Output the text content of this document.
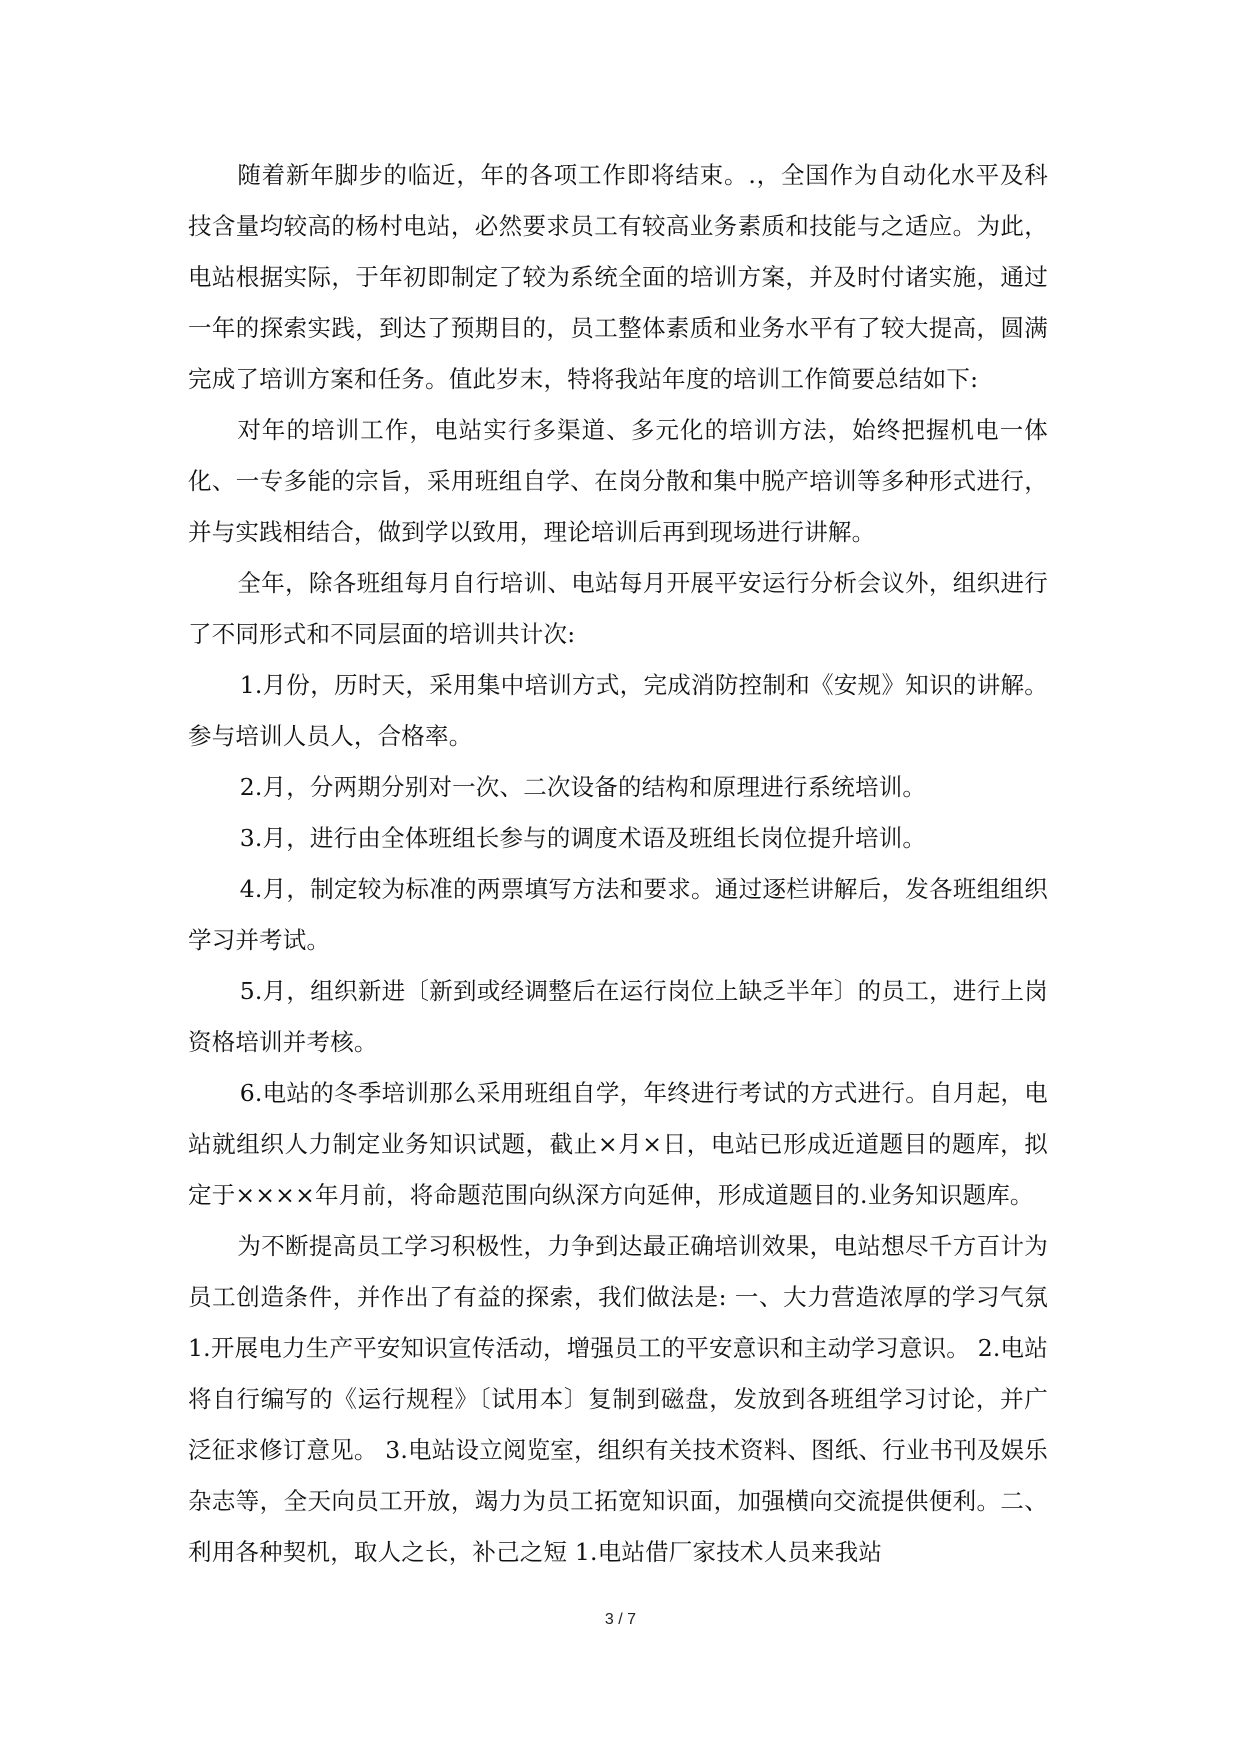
随着新年脚步的临近，年的各项工作即将结束。.，全国作为自动化水平及科技含量均较高的杨村电站，必然要求员工有较高业务素质和技能与之适应。为此，电站根据实际，于年初即制定了较为系统全面的培训方案，并及时付诸实施，通过一年的探索实践，到达了预期目的，员工整体素质和业务水平有了较大提高，圆满完成了培训方案和任务。值此岁末，特将我站年度的培训工作简要总结如下:

对年的培训工作，电站实行多渠道、多元化的培训方法，始终把握机电一体化、一专多能的宗旨，采用班组自学、在岗分散和集中脱产培训等多种形式进行，并与实践相结合，做到学以致用，理论培训后再到现场进行讲解。

全年，除各班组每月自行培训、电站每月开展平安运行分析会议外，组织进行了不同形式和不同层面的培训共计次:

1.月份，历时天，采用集中培训方式，完成消防控制和《安规》知识的讲解。参与培训人员人，合格率。

2.月，分两期分别对一次、二次设备的结构和原理进行系统培训。

3.月，进行由全体班组长参与的调度术语及班组长岗位提升培训。

4.月，制定较为标准的两票填写方法和要求。通过逐栏讲解后，发各班组组织学习并考试。

5.月，组织新进〔新到或经调整后在运行岗位上缺乏半年〕的员工，进行上岗资格培训并考核。

6.电站的冬季培训那么采用班组自学，年终进行考试的方式进行。自月起，电站就组织人力制定业务知识试题，截止×月×日，电站已形成近道题目的题库，拟定于××××年月前，将命题范围向纵深方向延伸，形成道题目的.业务知识题库。

为不断提高员工学习积极性，力争到达最正确培训效果，电站想尽千方百计为员工创造条件，并作出了有益的探索，我们做法是: 一、大力营造浓厚的学习气氛 1.开展电力生产平安知识宣传活动，增强员工的平安意识和主动学习意识。 2.电站将自行编写的《运行规程》〔试用本〕复制到磁盘，发放到各班组学习讨论，并广泛征求修订意见。 3.电站设立阅览室，组织有关技术资料、图纸、行业书刊及娱乐杂志等，全天向员工开放，竭力为员工拓宽知识面，加强横向交流提供便利。二、利用各种契机，取人之长，补己之短 1.电站借厂家技术人员来我站

3 / 7
